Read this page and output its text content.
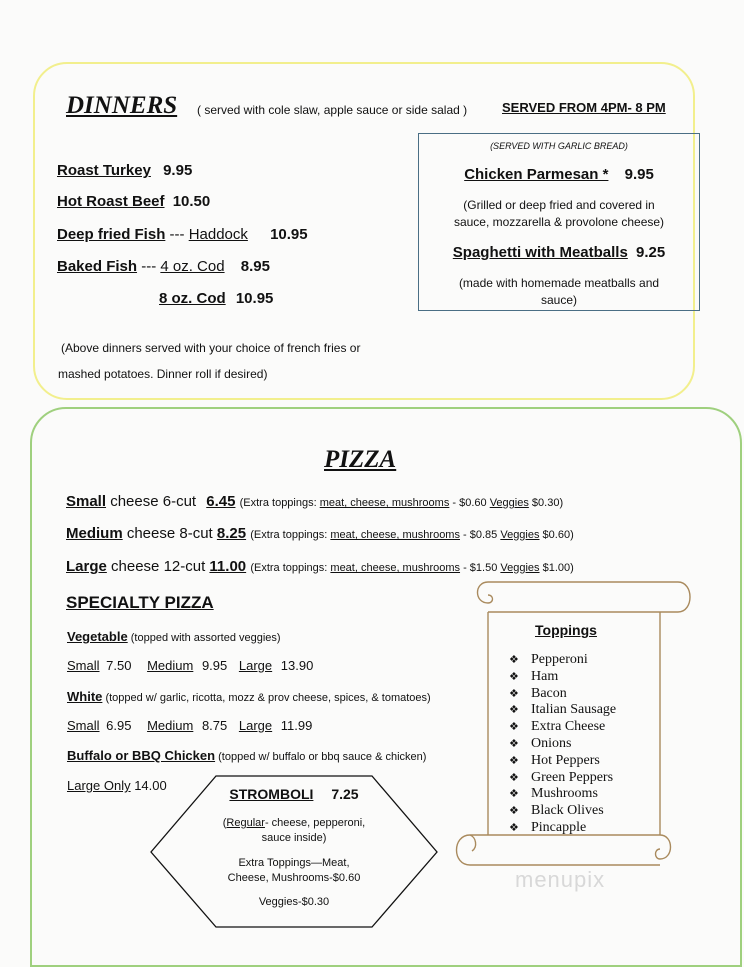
DINNERS ( served with cole slaw, apple sauce or side salad )	SERVED FROM 4PM- 8 PM
Roast Turkey 9.95
Hot Roast Beef 10.50
Deep fried Fish --- Haddock 10.95
Baked Fish --- 4 oz. Cod 8.95
8 oz. Cod 10.95
(Above dinners served with your choice of french fries or
mashed potatoes. Dinner roll if desired)
(SERVED WITH GARLIC BREAD)
Chicken Parmesan * 9.95
(Grilled or deep fried and covered in
sauce, mozzarella & provolone cheese)
Spaghetti with Meatballs 9.25
(made with homemade meatballs and
sauce)
PIZZA
Small cheese 6-cut 6.45 (Extra toppings: meat, cheese, mushrooms - $0.60 Veggies $0.30)
Medium cheese 8-cut 8.25 (Extra toppings: meat, cheese, mushrooms - $0.85 Veggies $0.60)
Large cheese 12-cut 11.00 (Extra toppings: meat, cheese, mushrooms - $1.50 Veggies $1.00)
SPECIALTY PIZZA
Vegetable (topped with assorted veggies)
Small 7.50 Medium 9.95 Large 13.90
White (topped w/ garlic, ricotta, mozz & prov cheese, spices, & tomatoes)
Small 6.95 Medium 8.75 Large 11.99
Buffalo or BBQ Chicken (topped w/ buffalo or bbq sauce & chicken)
Large Only 14.00
STROMBOLI 7.25
(Regular- cheese, pepperoni,
sauce inside)
Extra Toppings—Meat,
Cheese, Mushrooms-$0.60
Veggies-$0.30
Toppings
❖ Pepperoni
❖ Ham
❖ Bacon
❖ Italian Sausage
❖ Extra Cheese
❖ Onions
❖ Hot Peppers
❖ Green Peppers
❖ Mushrooms
❖ Black Olives
❖ Pincapple
menupix
